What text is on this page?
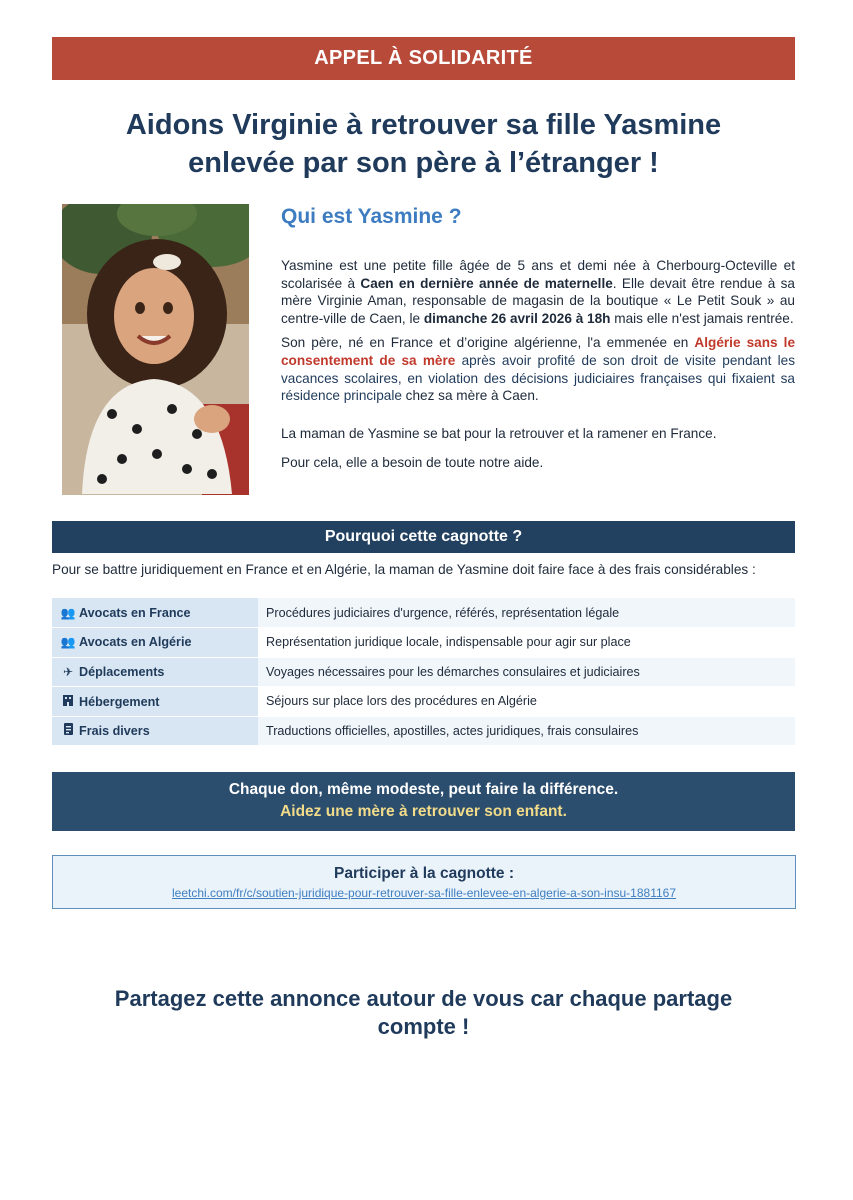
APPEL À SOLIDARITÉ
Aidons Virginie à retrouver sa fille Yasmine
enlevée par son père à l’étranger !
Qui est Yasmine ?

Yasmine est une petite fille âgée de 5 ans et demi née à Cherbourg-Octeville et scolarisée à Caen en dernière année de maternelle. Elle devait être rendue à sa mère Virginie Aman, responsable de magasin de la boutique « Le Petit Souk » au centre-ville de Caen, le dimanche 26 avril 2026 à 18h mais elle n'est jamais rentrée.

Son père, né en France et d’origine algérienne, l'a emmenée en Algérie sans le consentement de sa mère après avoir profité de son droit de visite pendant les vacances scolaires, en violation des décisions judiciaires françaises qui fixaient sa résidence principale chez sa mère à Caen.

La maman de Yasmine se bat pour la retrouver et la ramener en France.

Pour cela, elle a besoin de toute notre aide.

Pourquoi cette cagnotte ?
Pour se battre juridiquement en France et en Algérie, la maman de Yasmine doit faire face à des frais considérables :
👥 Avocats en France	Procédures judiciaires d'urgence, référés, représentation légale
👥 Avocats en Algérie	Représentation juridique locale, indispensable pour agir sur place
✈ Déplacements	Voyages nécessaires pour les démarches consulaires et judiciaires
Hébergement	Séjours sur place lors des procédures en Algérie
Frais divers	Traductions officielles, apostilles, actes juridiques, frais consulaires
Chaque don, même modeste, peut faire la différence.
Aidez une mère à retrouver son enfant.
Participer à la cagnotte :
leetchi.com/fr/c/soutien-juridique-pour-retrouver-sa-fille-enlevee-en-algerie-a-son-insu-1881167
Partagez cette annonce autour de vous car chaque partage
compte !
